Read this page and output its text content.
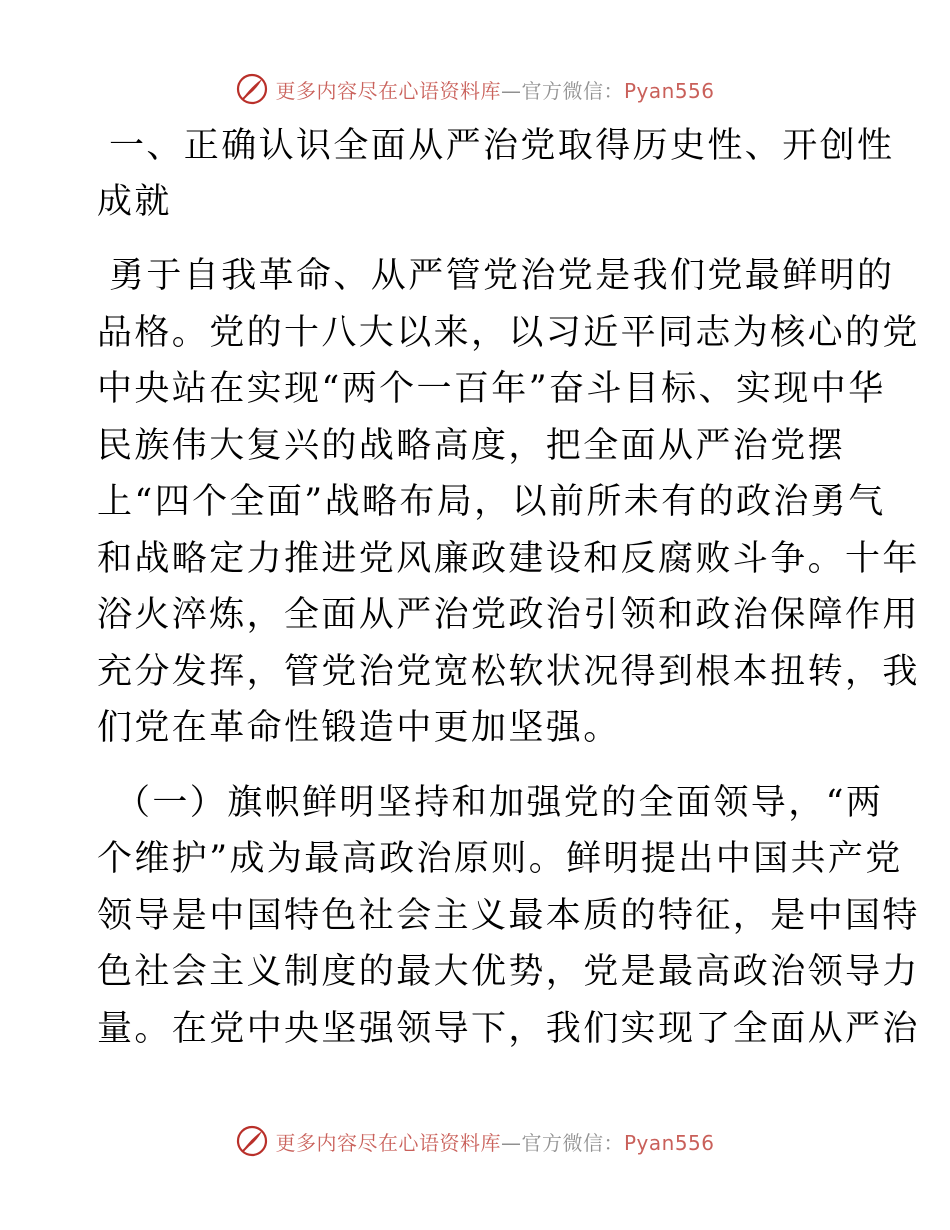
更多内容尽在心语资料库—官方微信：Pyan556
一、正确认识全面从严治党取得历史性、开创性
成就
勇于自我革命、从严管党治党是我们党最鲜明的
品格。党的十八大以来，以习近平同志为核心的党
中央站在实现“两个一百年”奋斗目标、实现中华
民族伟大复兴的战略高度，把全面从严治党摆
上“四个全面”战略布局，以前所未有的政治勇气
和战略定力推进党风廉政建设和反腐败斗争。十年
浴火淬炼，全面从严治党政治引领和政治保障作用
充分发挥，管党治党宽松软状况得到根本扭转，我
们党在革命性锻造中更加坚强。
（一）旗帜鲜明坚持和加强党的全面领导，“两
个维护”成为最高政治原则。鲜明提出中国共产党
领导是中国特色社会主义最本质的特征，是中国特
色社会主义制度的最大优势，党是最高政治领导力
量。在党中央坚强领导下，我们实现了全面从严治
更多内容尽在心语资料库—官方微信：Pyan556
